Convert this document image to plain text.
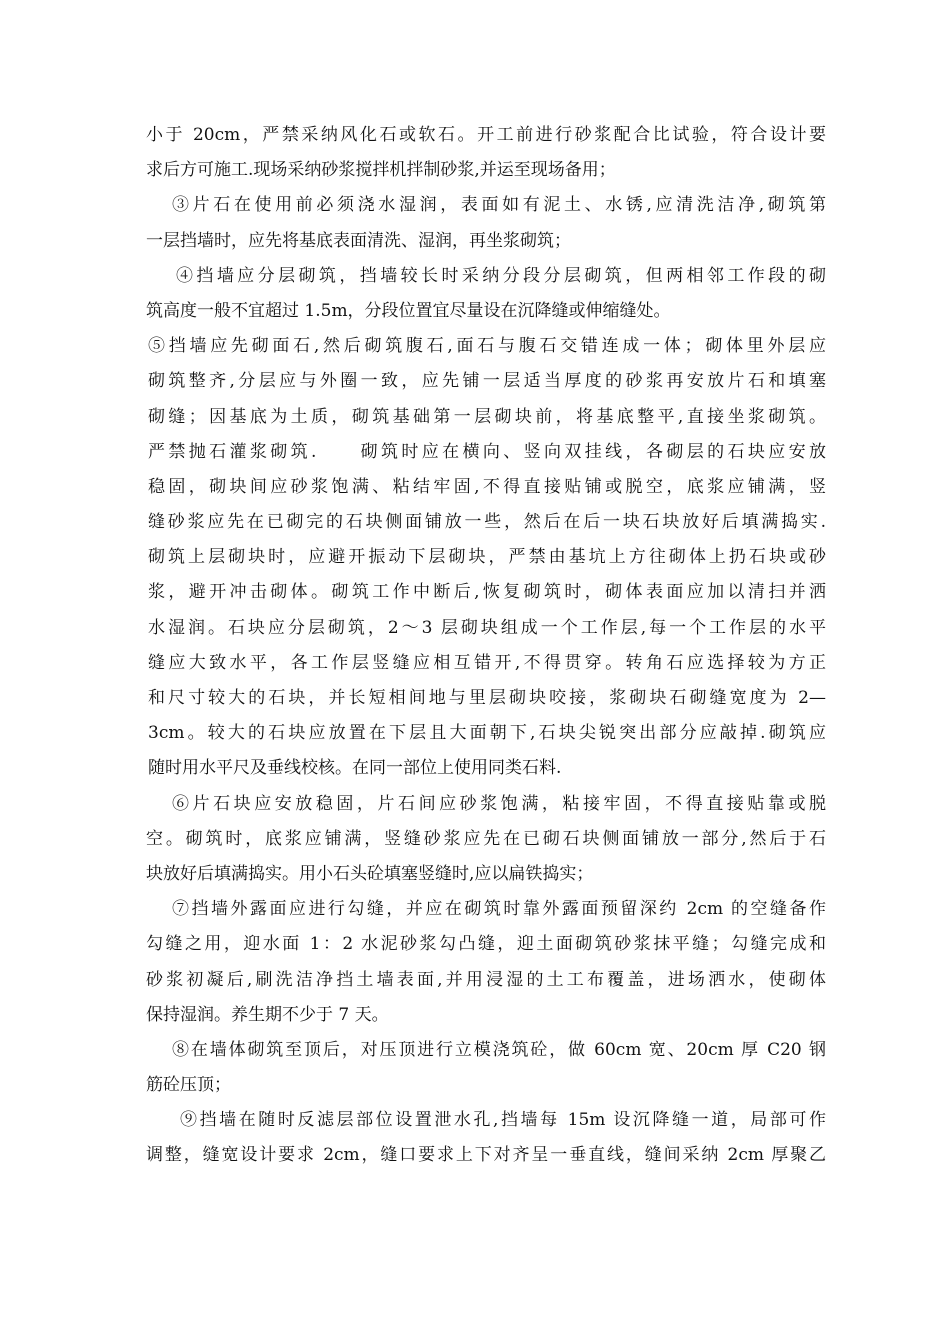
小于 20cm，严禁采纳风化石或软石。开工前进行砂浆配合比试验，符合设计要
求后方可施工.现场采纳砂浆搅拌机拌制砂浆,并运至现场备用；
③片石在使用前必须浇水湿润，表面如有泥土、水锈,应清洗洁净,砌筑第
一层挡墙时，应先将基底表面清洗、湿润，再坐浆砌筑；
④挡墙应分层砌筑，挡墙较长时采纳分段分层砌筑，但两相邻工作段的砌
筑高度一般不宜超过 1.5m，分段位置宜尽量设在沉降缝或伸缩缝处。
⑤挡墙应先砌面石,然后砌筑腹石,面石与腹石交错连成一体；砌体里外层应
砌筑整齐,分层应与外圈一致，应先铺一层适当厚度的砂浆再安放片石和填塞
砌缝；因基底为土质，砌筑基础第一层砌块前，将基底整平,直接坐浆砌筑。
严禁抛石灌浆砌筑.　　砌筑时应在横向、竖向双挂线，各砌层的石块应安放
稳固，砌块间应砂浆饱满、粘结牢固,不得直接贴铺或脱空，底浆应铺满，竖
缝砂浆应先在已砌完的石块侧面铺放一些，然后在后一块石块放好后填满捣实.
砌筑上层砌块时，应避开振动下层砌块，严禁由基坑上方往砌体上扔石块或砂
浆，避开冲击砌体。砌筑工作中断后,恢复砌筑时，砌体表面应加以清扫并洒
水湿润。石块应分层砌筑，2～3 层砌块组成一个工作层,每一个工作层的水平
缝应大致水平，各工作层竖缝应相互错开,不得贯穿。转角石应选择较为方正
和尺寸较大的石块，并长短相间地与里层砌块咬接，浆砌块石砌缝宽度为 2—
3cm。较大的石块应放置在下层且大面朝下,石块尖锐突出部分应敲掉.砌筑应
随时用水平尺及垂线校核。在同一部位上使用同类石料.
⑥片石块应安放稳固，片石间应砂浆饱满，粘接牢固，不得直接贴靠或脱
空。砌筑时，底浆应铺满，竖缝砂浆应先在已砌石块侧面铺放一部分,然后于石
块放好后填满捣实。用小石头砼填塞竖缝时,应以扁铁捣实；
⑦挡墙外露面应进行勾缝，并应在砌筑时靠外露面预留深约 2cm 的空缝备作
勾缝之用，迎水面 1：2 水泥砂浆勾凸缝，迎土面砌筑砂浆抹平缝；勾缝完成和
砂浆初凝后,刷洗洁净挡土墙表面,并用浸湿的土工布覆盖，进场洒水，使砌体
保持湿润。养生期不少于 7 天。
⑧在墙体砌筑至顶后，对压顶进行立模浇筑砼，做 60cm 宽、20cm 厚 C20 钢
筋砼压顶；
⑨挡墙在随时反滤层部位设置泄水孔,挡墙每 15m 设沉降缝一道，局部可作
调整，缝宽设计要求 2cm，缝口要求上下对齐呈一垂直线，缝间采纳 2cm 厚聚乙
